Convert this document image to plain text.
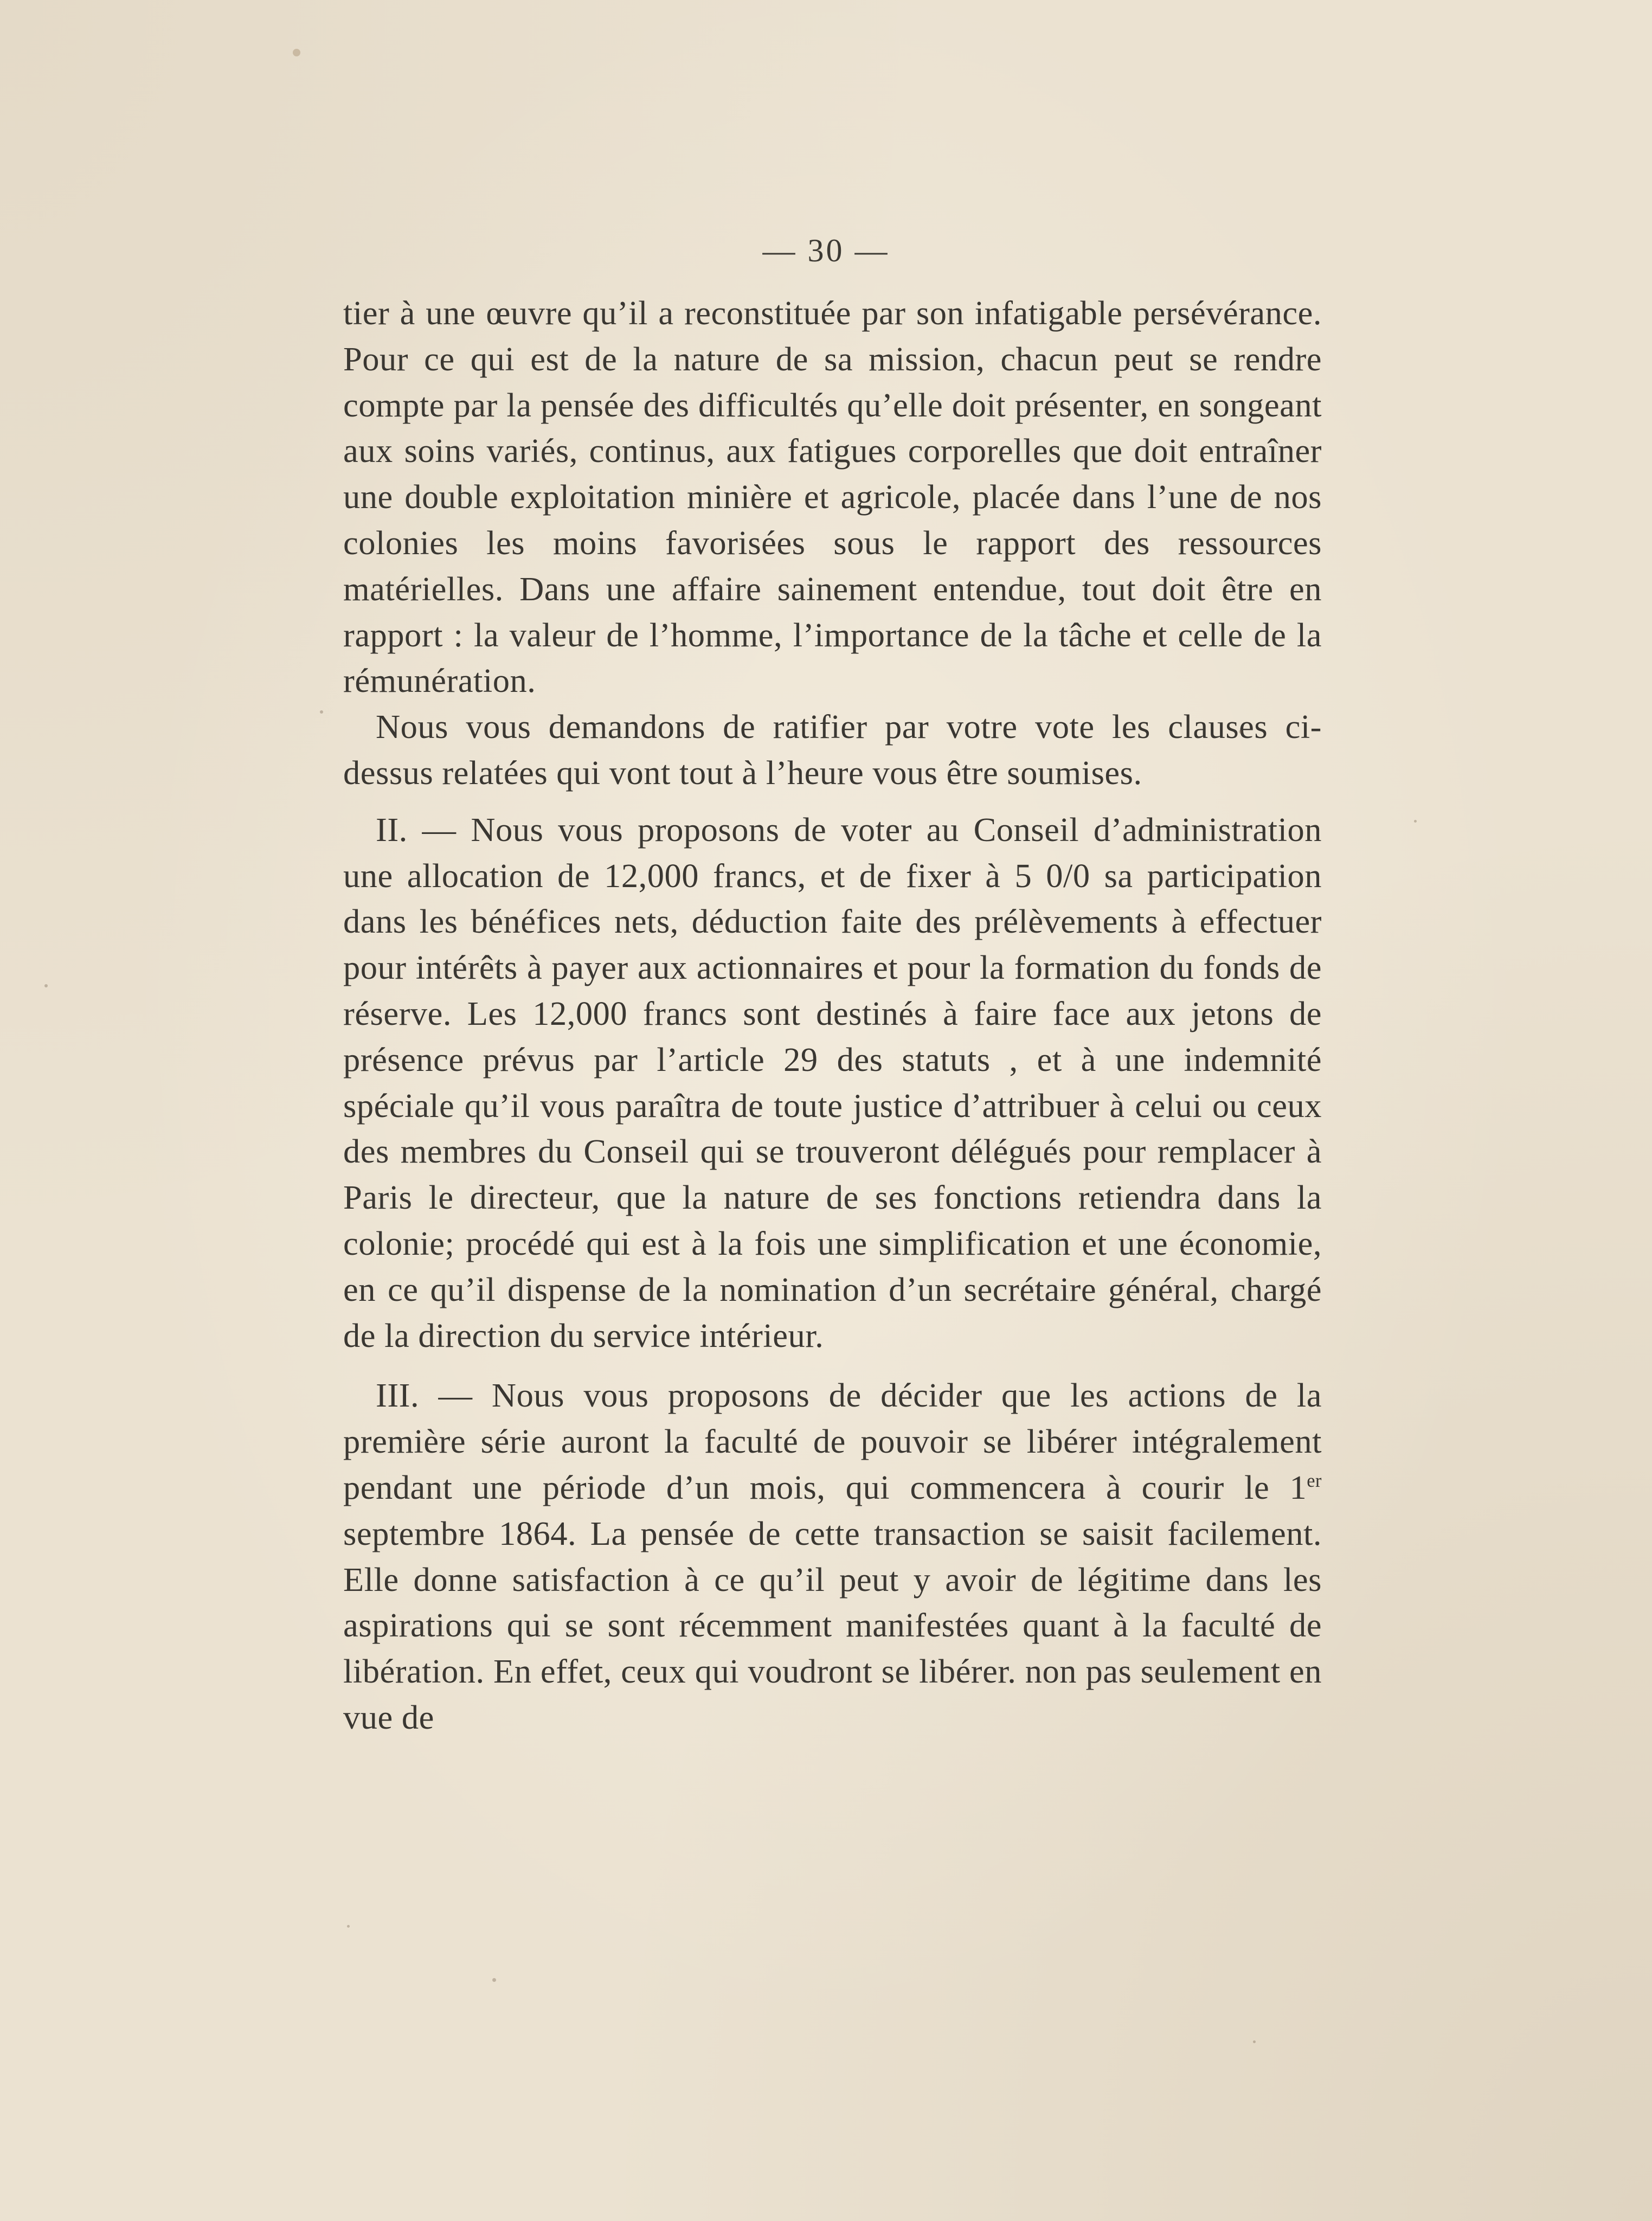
— 30 —

tier à une œuvre qu’il a reconstituée par son infatigable persévérance. Pour ce qui est de la nature de sa mission, chacun peut se rendre compte par la pensée des difficultés qu’elle doit présenter, en songeant aux soins variés, continus, aux fatigues corporelles que doit entraîner une double exploitation minière et agricole, placée dans l’une de nos colonies les moins favorisées sous le rapport des ressources matérielles. Dans une affaire sainement entendue, tout doit être en rapport : la valeur de l’homme, l’importance de la tâche et celle de la rémunération.

Nous vous demandons de ratifier par votre vote les clauses ci-dessus relatées qui vont tout à l’heure vous être soumises.

II. — Nous vous proposons de voter au Conseil d’administration une allocation de 12,000 francs, et de fixer à 5 0/0 sa participation dans les bénéfices nets, déduction faite des prélèvements à effectuer pour intérêts à payer aux actionnaires et pour la formation du fonds de réserve. Les 12,000 francs sont destinés à faire face aux jetons de présence prévus par l’article 29 des statuts , et à une indemnité spéciale qu’il vous paraîtra de toute justice d’attribuer à celui ou ceux des membres du Conseil qui se trouveront délégués pour remplacer à Paris le directeur, que la nature de ses fonctions retiendra dans la colonie; procédé qui est à la fois une simplification et une économie, en ce qu’il dispense de la nomination d’un secrétaire général, chargé de la direction du service intérieur.

III. — Nous vous proposons de décider que les actions de la première série auront la faculté de pouvoir se libérer intégralement pendant une période d’un mois, qui commencera à courir le 1er septembre 1864. La pensée de cette transaction se saisit facilement. Elle donne satisfaction à ce qu’il peut y avoir de légitime dans les aspirations qui se sont récemment manifestées quant à la faculté de libération. En effet, ceux qui voudront se libérer. non pas seulement en vue de
